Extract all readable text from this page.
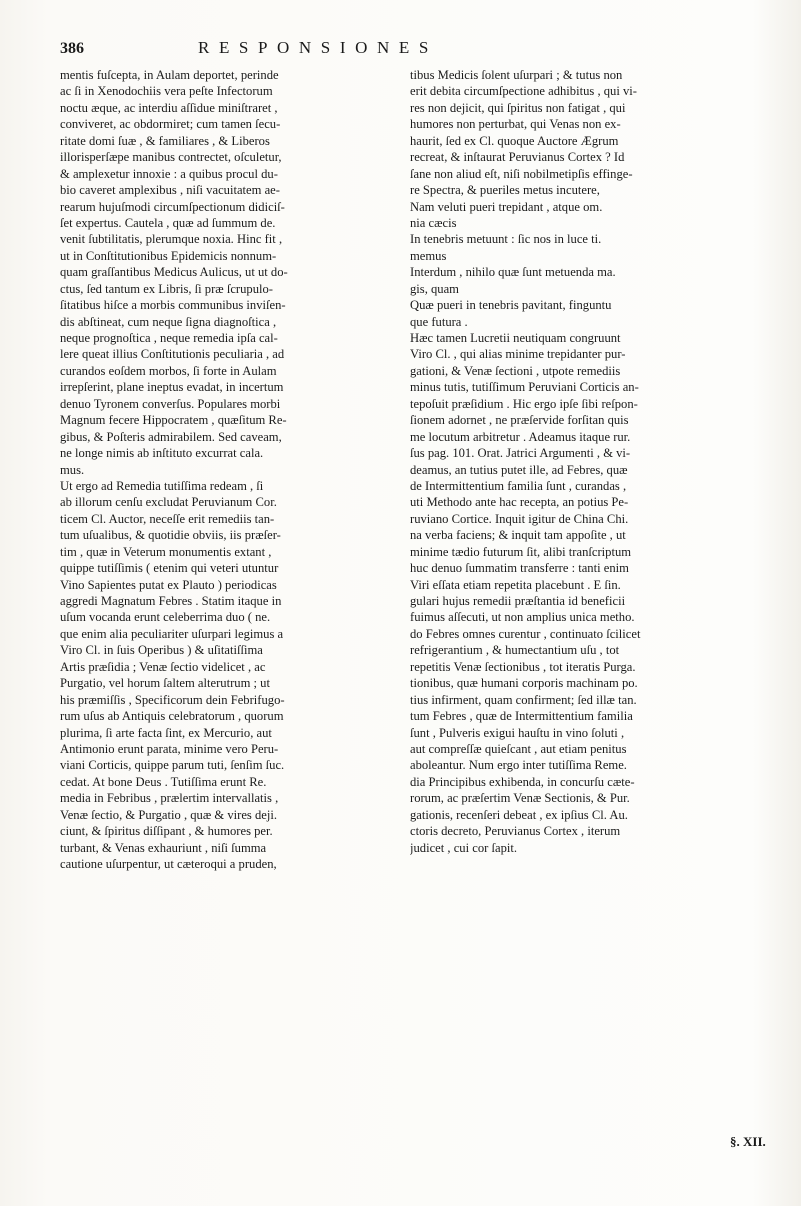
386	RESPONSIONES
mentis fuſcepta, in Aulam deportet, perinde
ac ſi in Xenodochiis vera peſte Infectorum
noctu æque, ac interdiu aſſidue miniſtraret ,
conviveret, ac obdormiret; cum tamen ſecu-
ritate domi ſuæ , & familiares , & Liberos
illorisperſæpe manibus contrectet, oſculetur,
& amplexetur innoxie : a quibus procul du-
bio caveret amplexibus , niſi vacuitatem ae-
rearum hujuſmodi circumſpectionum didiciſ-
ſet expertus. Cautela , quæ ad ſummum de.
venit ſubtilitatis, plerumque noxia. Hinc fit ,
ut in Conſtitutionibus Epidemicis nonnum-
quam graſſantibus Medicus Aulicus, ut ut do-
ctus, ſed tantum ex Libris, ſi præ ſcrupulo-
ſitatibus hiſce a morbis communibus inviſen-
dis abſtineat, cum neque ſigna diagnoſtica ,
neque prognoſtica , neque remedia ipſa cal-
lere queat illius Conſtitutionis peculiaria , ad
curandos eoſdem morbos, ſi forte in Aulam
irrepſerint, plane ineptus evadat, in incertum
denuo Tyronem converſus. Populares morbi
Magnum fecere Hippocratem , quæſitum Re-
gibus, & Poſteris admirabilem. Sed caveam,
ne longe nimis ab inſtituto excurrat cala.
mus.
Ut ergo ad Remedia tutiſſima redeam , ſi
ab illorum cenſu excludat Peruvianum Cor.
ticem Cl. Auctor, neceſſe erit remediis tan-
tum uſualibus, & quotidie obviis, iis præſer-
tim , quæ in Veterum monumentis extant ,
quippe tutiſſimis ( etenim qui veteri utuntur
Vino Sapientes putat ex Plauto ) periodicas
aggredi Magnatum Febres . Statim itaque in
uſum vocanda erunt celeberrima duo ( ne.
que enim alia peculiariter uſurpari legimus a
Viro Cl. in ſuis Operibus ) & uſitatiſſima
Artis præſidia ; Venæ ſectio videlicet , ac
Purgatio, vel horum ſaltem alterutrum ; ut
his præmiſſis , Specificorum dein Febrifugo-
rum uſus ab Antiquis celebratorum , quorum
plurima, ſi arte facta ſint, ex Mercurio, aut
Antimonio erunt parata, minime vero Peru-
viani Corticis, quippe parum tuti, ſenſim ſuc.
cedat. At bone Deus . Tutiſſima erunt Re.
media in Febribus , prælertim intervallatis ,
Venæ ſectio, & Purgatio , quæ & vires deji.
ciunt, & ſpiritus diſſipant , & humores per.
turbant, & Venas exhauriunt , niſi ſumma
cautione uſurpentur, ut cæteroqui a pruden,
tibus Medicis ſolent uſurpari ; & tutus non
erit debita circumſpectione adhibitus , qui vi-
res non dejicit, qui ſpiritus non fatigat , qui
humores non perturbat, qui Venas non ex-
haurit, ſed ex Cl. quoque Auctore Ægrum
recreat, & inſtaurat Peruvianus Cortex ? Id
ſane non aliud eſt, niſi nobilmetipſis effinge-
re Spectra, & pueriles metus incutere,
Nam veluti pueri trepidant , atque om.
nia cæcis
In tenebris metuunt : ſic nos in luce ti.
memus
Interdum , nihilo quæ ſunt metuenda ma.
gis, quam
Quæ pueri in tenebris pavitant, finguntu
que futura .
Hæc tamen Lucretii neutiquam congruunt
Viro Cl. , qui alias minime trepidanter pur-
gationi, & Venæ ſectioni , utpote remediis
minus tutis, tutiſſimum Peruviani Corticis an-
tepoſuit præſidium . Hic ergo ipſe ſibi reſpon-
ſionem adornet , ne præſervide forſitan quis
me locutum arbitretur . Adeamus itaque rur.
ſus pag. 101. Orat. Jatrici Argumenti , & vi-
deamus, an tutius putet ille, ad Febres, quæ
de Intermittentium familia ſunt , curandas ,
uti Methodo ante hac recepta, an potius Pe-
ruviano Cortice. Inquit igitur de China Chi.
na verba faciens; & inquit tam appoſite , ut
minime tædio futurum ſit, alibi tranſcriptum
huc denuo ſummatim transferre : tanti enim
Viri eſſata etiam repetita placebunt . E ſin.
gulari hujus remedii præſtantia id beneficii
fuimus aſſecuti, ut non amplius unica metho.
do Febres omnes curentur , continuato ſcilicet
refrigerantium , & humectantium uſu , tot
repetitis Venæ ſectionibus , tot iteratis Purga.
tionibus, quæ humani corporis machinam po.
tius infirment, quam confirment; ſed illæ tan.
tum Febres , quæ de Intermittentium familia
ſunt , Pulveris exigui hauſtu in vino ſoluti ,
aut compreſſæ quieſcant , aut etiam penitus
aboleantur. Num ergo inter tutiſſima Reme.
dia Principibus exhibenda, in concurſu cæte-
rorum, ac præſertim Venæ Sectionis, & Pur.
gationis, recenſeri debeat , ex ipſius Cl. Au.
ctoris decreto, Peruvianus Cortex , iterum
judicet , cui cor ſapit.
§. XII.
